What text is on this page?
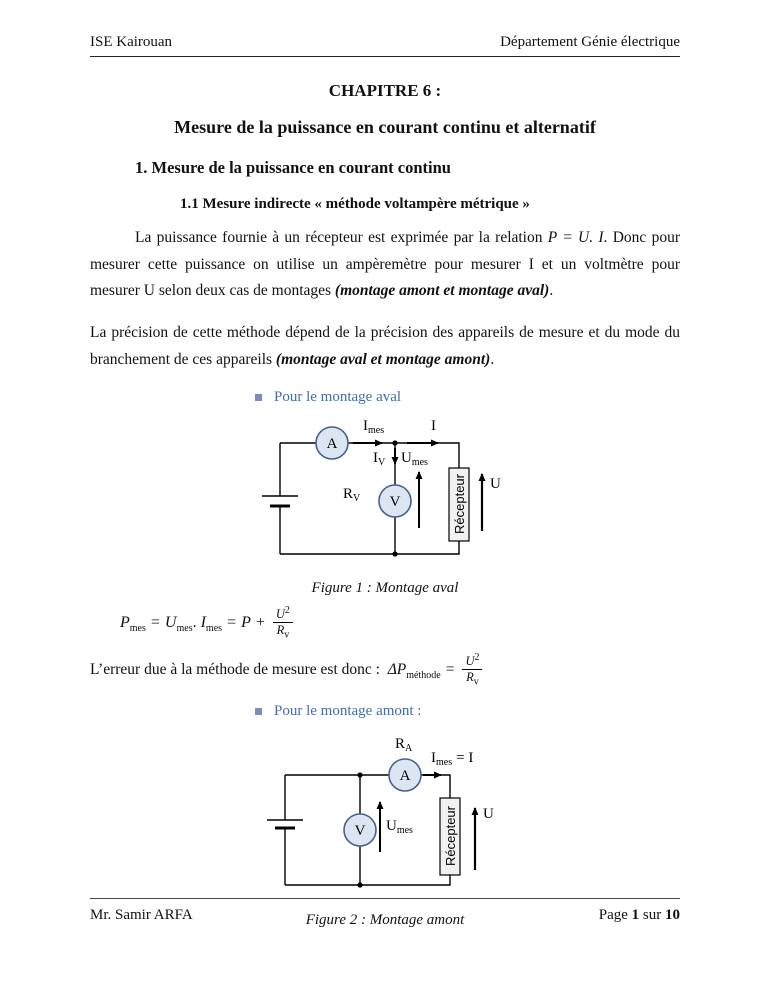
ISE Kairouan	Département Génie électrique
CHAPITRE 6 :
Mesure de la puissance en courant continu et alternatif
1. Mesure de la puissance en courant continu
1.1 Mesure indirecte « méthode voltampère métrique »

La puissance fournie à un récepteur est exprimée par la relation P = U. I. Donc pour mesurer cette puissance on utilise un ampèremètre pour mesurer I et un voltmètre pour mesurer U selon deux cas de montages (montage amont et montage aval).

La précision de cette méthode dépend de la précision des appareils de mesure et du mode du branchement de ces appareils (montage aval et montage amont).

Pour le montage aval
Récepteur
A
V
$I_{mes}$	I
$I_V$ $U_{mes}$
$R_V$
U
Figure 1 : Montage aval
$P_{mes} = U_{mes}$. $I_{mes} = P + \frac{U^2}{R_v}$
L’erreur due à la méthode de mesure est donc : $\Delta P_{méthode} = \frac{U^2}{R_v}$
Pour le montage amont :
Récepteur
A
V
$R_A$
$I_{mes} = I$
$U_{mes}$
U
Figure 2 : Montage amont
Mr. Samir ARFA	Page 1 sur 10
